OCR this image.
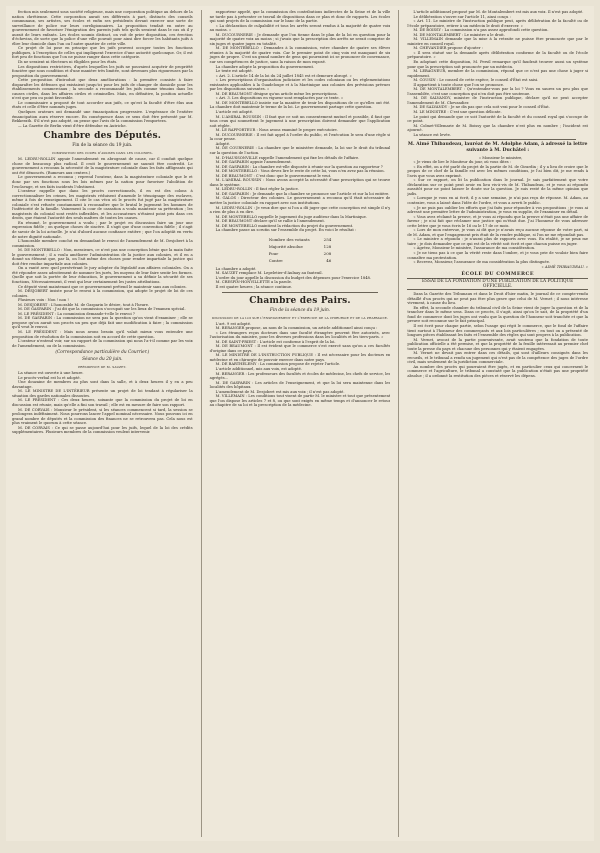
fection mis seulement sous société religieuse, mais une corporation politique au dehors de la nation chrétienne. Cette corporation aurait ses différents à part, distincts des conseils communaux, ses artistes, ses écoles et enfin ses présidents devant exercer une sorte de surveillance de police sur leurs coreligionnaires. La proposition tendait en outre au gouvernement de favoriser l'émigration des parents juifs tels qu'ils seraient dans le cas où il y aurait de leurs enfants. Les écoles soumis distinct, on voit de prier disposition, ces érection d'échevins, de sorte que la police d'une ville pouvait pour ainsi dire forcer les habitants juifs à élire leur domicile dans l'un ou l'autre quartier de cette ville.

Ce projet de loi pose en principe que les juifs peuvent occuper toutes les fonctions publiques, à l'exception de celles qui impliquent l'exercice d'une autorité quelconque. Or, il est fort peu de fonctions que l'on ne puisse ranger dans cette catégorie.

Ils ne seraient ni électeurs ni éligibles pour les états.

Les dispositions restrictives, d'après lesquelles les juifs ne pouvaient acquérir de propriété foncière que sous condition et d'une manière très limitée, sont devenues plus rigoureuses par la proposition du gouvernement.

Cette proposition d'introduit que deux améliorations : la première consiste à faire disparaître les défenses qui existaient jusqu'ici pour les juifs de changer de domicile pour les établissements commerciaux ; la seconde a recommandé les juifs comme témoins dans les causes civiles, dans les affaires civiles et criminelles. Mais, en définitive, la position actuelle n'est que peu ou point favorable.

Le commissaire a proposé de tout accorder aux juifs, ce qu'est la faculté d'être élus aux états et celle d'être nommés juges.

Quelques orateurs ont demandé une émancipation progressive. L'espérance de l'entière émancipation aura réserve encore. En conséquence dans ce sens doit être présenté par M. Bekkerath. S'il n'est pas adopté, on pense que l'avis de la commission l'emportera.

— La Gazette de Berlin vient d'être défendue en Autriche.

Chambre des Députés.
Fin de la séance du 19 juin.
composition des cours d'assises dans les colonies.

M. LEDRU-ROLLIN appuie l'amendement en abrogeant de cause, car il conduit quelque chose de beaucoup plus radical. Il croit le gouvernement ne saurait être contredit. Le gouvernement a reconnu la nécessité de la magistrature coloniale dans les faits affligeants qui ont été dénoncés. (Rumeurs aux centres.)

Le gouvernement a reconnu ; reprend l'orateur, dans la magistrature coloniale que le et donc par ses fonctions sous les lois mêmes par la nation pour favoriser l'abolition de l'esclavage, et ses faits incidents l'obstinent.

L'orateur rappelle que dans les procès correctionnels, il en est des colons à correctionnaliser les crimes, les magistrats réduisent d'amende le témoignage des esclaves, même à fois de renseignement. Il cite le cas vécu où le procès fut jugé par la magistrature coloniale s'est refusée constamment à reconnaître que le brutal le jugement les hommes de l'infériorité de la famille. Vainement la cour de cassation a voulu maintenir sa prétention ; les magistrats du colonial sont restés inflexibles, et les accusateurs n'étaient point pris dans ces droits, que étaient l'autorité des seuls maîtres de toutes les causes.

En résumé, le gouvernement a voulu ; par le projet en discussion faire un jour une expression fidèle ; on quelque choses de sincère. Il s'agit que d'une convention fidèle ; il s'agit de savoir de la loi actuelle. Je n'ai d'abord aucune confiance entière ; que l'on adoptât en vertu de notre dignité nationale.

L'honorable membre conclut en demandant le renvoi de l'amendement de M. Desjobert à la commission.

M. DE MONTEBELLO : Non, messieurs, ce n'est pas une conception bénie que la main faite le gouvernement ; il a voulu améliorer l'administration de la justice aux colonies, et il en a donné un élément que, par là, on l'ait même des choses pour rendre impartiale la justice qui doit être rendue impartiale aux colonies.

On a vanté avec quel persévérant le jury adopter du législatif aux affaires coloniales. On a été répondre assez adroitement de nommer les jurés, les moyens de leur faire sentir les formes. Quelle que soit la portée de leur éducation, le gouvernement a su définir la sécurité de ses fonctions, Nécessairement, il veut qui leur certainement les justes attributions.

Ce député vient maintenant que ce gouvernement prétend le maintenir sans aux colonies.

M. DESJOBERT insiste pour le renvoi à la commission, qui adopte le projet de loi de ces colonies.

Plusieurs voix : Non ! non !

M. DESJOBERT : L'honorable M. de Gasparin le désire, tout à l'heure.

M. DE GASPARIN : J'ai dit que la commission s'occupait sur les lieux de l'examen spécial.

M. LE PRÉSIDENT : La commission demande-t-elle le renvoi ?

M. DE GASPARIN : La commission ne sera pas la question qu'on vient d'examiner ; elle se propose qu'on aurait son procès un peu que déjà fait une modification à faire ; la commission qu'il veut le renvoi.

M. LE PRÉSIDENT : Mais nous avons besoin qu'il valait mieux vous entendre une proposition de résolution de la commission soit en accord de cette question.

L'orateur n'entend voir, sur un rapport de la commission qui nous l'a-t-il comme par les voix de l'amendement, ou de la commission.

(Correspondance particulière du Courrier.)
Séance du 20 juin.
présidence de m. sauzet.

La séance est ouverte à une heure.

Le procès-verbal est lu et adopté.

Une douzaine de membres au plus sont dans la salle, et à deux heures il y en a peu davantage.

M. LE MINISTRE DE L'INTÉRIEUR présente un projet de loi tendant à régulariser la situation des gardes nationales dissoutes.

M. LE PRÉSIDENT : Ces deux heures, soixante que la commission du projet de loi en discussion est réunie, mais qu'elle a fini son travail ; elle est en mesure de faire son rapport.

M. DE CORVAIS : Monsieur le président, si les séances commencent si tard, la session se prolongera indéfiniment. Nous pourrons lancer l'appel nominal nécessaire. Nous pouvons ici en grand nombre de députés et la commission des finances ne se retrouvera pas. Cela nous est plus vraiment le quorum à cette séance.

M. DE CORVAIS : Ce qui se passe aujourd'hui pour les juifs, lequel de la loi des crédits supplémentaires. Plusieurs membres de la commission veulent intervenir.

rapporteur appelé, que la commission des contributions indirectes de la Seine et de la ville ne tarde pas à présenter ce travail de dispositions dans ce plan et donc de rapports. Les écoles qui sont projets de la commission sur le banc de la partie.

« La déclaration de culpabilité et tous les arrêts seront rendus à la majorité de quatre voix au moins. »

M. DUCOURNERIE : Je demande que l'on tienne dans le plan de la loi en question pour la majorité de quatre voix au moins ; si j'avais que la prescription des arrêts ne serait comprise de six juges et quatre juges en totalité.

M. DE MONTEBELLO : Demandez à la commission, votre chambre de quatre ses élèves réunies à la majorité de quatre voix. Car le premier point de cinq voix est manquant de six juges de propre. C'est un grand nombre de gens qui pourraient ici se prononcer de convenance, sur ses compétences de justice, sans la raison de mon exposé.

La chambre adopte la proposition du gouvernement.

Le texte est adopté.

« Art. 2. L'article 14 de la loi du 24 juillet 1845 est et demeure abrogé. »

« Les prescriptions d'organisation judiciaire et les codes coloniaux ou les réglementations existantes applicables à la Guadeloupe et à la Martinique aux colonies des prévisions prévues par les dispositions suivantes. »

M. DE BEAUMONT désigne qu'un article mène les prescriptions.

« Art. 3. Les dispositions en vigueur sont remplacées par ce texte. »

M. DE MONTEBELLO insiste sur la manière de tenir les dispositions de ce qu'elles ont été. La chambre doit maintenir le terme de la loi. Le gouvernement partage cette question.

L'article est adopté.

M. L'AMIRAL ROUSSIN : Il faut que ce soit un consentement mutuel et possible, il faut que tous ceux qui soumettent le jugement à une prescription doivent demander que l'application soit réglée.

M. LE RAPPORTEUR : Nous avons examiné le propre exécutoire.

M. DUCOURNERIE : Il est fait appel à l'ordre du public, et l'exécution le sera d'une règle si la cour pense.

Adopté.

M. DE COURNERIE : La chambre que le ministère demande, la loi sur le droit du tribunal sur la question de l'action.

M. D'HAUSSONVILLE rappelle l'amendement qui fixe les détails de l'affaire.

M. DE GASPARIN appuie l'amendement.

M. DE GASPARIN : La chambre est-elle disposée à réunir sur la question au rapporteur ?

M. DE MONTEBELLO : Vous devez lire le reste de cette loi, vous n'en avez pas la réunion.

M. DE BEAUMONT : C'est donc que le gouvernement le veut.

M. L'AMIRAL ROUSSIN : Nous avons accepté la nécessité d'une prescription qui se trouve dans le système.

M. LEDRU-ROLLIN : Il faut régler la justice.

M. DE GASPARIN : Je demande que la chambre se prononce sur l'article et sur la loi entière.

M. GALOS : Directeur des colonies. Le gouvernement a reconnu qu'il était nécessaire de mettre la justice coloniale en rapport avec nos institutions.

M. LEDRU-ROLLIN : Je veux dire que si l'on a dû juger que cette conception est simple il n'y a rien de plus à en dire.

M. DE MONTEBELLO rappelle le jugement du juge auditeur dans la Martinique.

M. DE BEAUMONT déclare qu'il se rallie à l'amendement.

M. DE MONTEBELLO maintient la rédaction du projet du gouvernement.

La chambre passe au scrutin sur l'ensemble du projet. En voici le résultat :

Nombre des votants	254
Majorité absolue	128
Pour	208
Contre	46

La chambre a adopté.

M. SAUZET remplace M. Lepeletier-d'Aulnay au fauteuil.

L'ordre du jour appelle la discussion du budget des dépenses pour l'exercice 1848.

M. CRESPIN-HONVILLETTE a la parole.

Il est quatre heures ; la séance continue.

Chambre des Pairs.
Fin de la séance du 19 juin.
discussion de la loi sur l'enseignement et l'exercice de la chirurgie et de la pharmacie.

L'art. 9 est adopté.

M. BERANGER propose, au nom de la commission, un article additionnel ainsi conçu :

« Les étrangers reçus docteurs dans une faculté étrangère peuvent être autorisés, avec l'autorisation du ministre, pour les diverses professions dans les localités et les tiers-parts. »

M. DE SAINT-PRIEST : L'article est conforme à l'esprit de la loi.

M. DE BEAUMONT : Il est évident que le commerce s'est exercé sans qu'on a ces facultés d'origine dans ce pays.

M. LE MINISTRE DE L'INSTRUCTION PUBLIQUE : Il est nécessaire pour les docteurs en médecine et en chirurgie de pouvoir exercer dans notre pays.

M. DE BARTHÉLEMY : La commission propose de rejeter l'article.

L'article additionnel, mis aux voix, est adopté.

M. BERANGER : Les professeurs des facultés et écoles de médecine, les chefs de service, les agrégés...

M. DE GASPARIN : Les articles de l'enseignement, et que la loi sera maintenue dans les localités des hôpitaux.

L'amendement de M. Desjobert est mis aux voix ; il n'est pas adopté.

M. VILLEMAIN : Les conditions tout visent de partir M. le ministre et tout que présentement que l'on dispose les articles 7 et 8, ou que sont exigés en même temps et d'annoncer le retour au chapitre de sa loi et la prescription de la médecine.

L'article additionnel proposé par M. de Montalembert est mis aux voix. Il n'est pas adopté.

Le délibération s'ouvre sur l'article 11, ainsi conçu :

« Art. 11. Le ministre de l'instruction publique peut, après délibération de la faculté ou de l'école préparatoire, retirer à un médecin le droit d'exercer. »

M. DE BOISSY : La commission n'a pas assez approfondi cette question.

M. DE MONTALEMBERT : Le ministre a le droit.

M. VILLEMAIN demande que la mise à la retraite ne puisse être prononcée que par le ministre en conseil royal.

M. CHEVANDIER propose d'ajouter :

« Il sera statué sur la demande après délibération conforme de la faculté ou de l'école préparatoire. »

En adoptant cette disposition, M. Persil remarque qu'il faudrait trouver aussi un système pour que la prescription soit prononcée par un médecin.

M. LEBAGNEUR, membre de la commission, répond que ce n'est pas une chose à juger si rapidement.

M. COUSIN : Le conseil de cette espèce, le conseil d'État est saisi.

Il appartient à toute chose que l'on se prononce.

M. DE MONTALEMBERT : Qu'entendez-vous par la loi ? Vous en saurez un peu plus que l'assemblée, c'est une conception qui n'en doit pas être soutenue.

M. DE SALVANDY, ministre de l'instruction publique, déclare qu'il ne peut accepter l'amendement de M. Chevandier.

M. DE SALVANDY : Je ne dis pas que cela soit vrai pour le conseil d'État.

M. LE MINISTRE : C'est une question délicate.

Le point qui demande que ce soit l'autorité de la faculté et du conseil royal qui s'occupe de ce point.

M. Colmet-Villemarie de M. Boissy que la chambre n'est plus en nombre ; l'incident est ajourné.

La séance est levée.

M. Aimé Thibaudeau, lauréat de M. Adolphe Adam, à adressé la lettre suivante à M. Duchâtel :

« Monsieur le ministre,

« Je viens de lire le Moniteur du jour, où vous dites :

« En effet, on a été parlé du projet de la partie de M. de Girardin ; il y a lieu de croire que le propos de ce chef de la famille est avec les mêmes conditions, je l'ai bien dit, je me rends à l'avis que vous avez exprimé.

« Sur ce rapport, on lit la publication dans le journal. Je sais parfaitement que votre déclaration sur ce point peut avoir eu lieu vis-à-vis de M. Thibaudeau, et je vous ai répondu aussitôt pour ne point laisser le doute sur la question. Je suis resté de la même opinion que jadis.

« Lorsque je vous en ai écrit, il y a une semaine, je n'ai pas reçu de réponse. M. Adam, au contraire, vous a laissé dans l'idée de l'ordre, et vous a averti le public.

« Je ne puis pas oublier les efforts que j'ai faits pour répondre à vos propositions ; je vous ai adressé une première lettre de l'administration, je vous en supplie, de l'examiner en détail.

« Vous avez réclamé la preuve, et je vous ai répondu que la preuve n'était pas une affaire de faveur ; je n'ai fait que réclamer une justice qui m'était due. J'ai l'honneur de vous adresser cette lettre que je vous écris le 16 ou le 17 de ce mois.

« Lors de mon entrevue, je vous ai dit que je n'avais reçu aucune réponse de votre part, ni de M. Adam, et que l'engagement pris était de la rendre publique, si l'on ne me répondait pas.

« Le ministre a répondu : je n'aurai plus de rapports avec vous. En réalité, je ne peux me taire ; je dois demander que ce qui est de la vérité soit écrit et que chacun puisse en juger.

« Agréez, Monsieur le ministre, l'assurance de ma considération.

« Je ne tiens pas à ce que la vérité reste dans l'ombre, et je vous prie de vouloir bien faire connaître ma protestation.

« Recevez, Monsieur, l'assurance de ma considération la plus distinguée.

« AIMÉ THIBAUDEAU. »

ÉCOLE DU COMMERCE
ESSAI DE LA FONDATION D'UNE PUBLICATION DE LA POLITIQUE OFFICIELLE.

Dans la Gazette des Tribunaux et dans le Droit d'hier matin, le journal de ce compte-rendu détaillé d'un procès qui ne peut pas être plus grave que celui de M. Vernet ; il nous intéresse vivement, à cause du lieu.

En effet, la seconde chambre du tribunal civil de la Seine vient de juger la question et de la trancher dans le même sens. Dans ce procès, il s'agit, ainsi qu'on le sait, de la propriété d'un fond de commerce dont les juges ont voulu que la question de l'honneur soit tranchée et que la preuve soit reconnue sur le fait principal.

Il est écrit pour chaque partie, selon l'usage qui régit le commerce, que le fond de l'affaire tient surtout à l'honneur des commerçants et aux lois particulières ; en tout on a présenté de longues pièces établissant les faits et l'ensemble des règles qui sont propres à la publication.

M. Vernet, avocat de la partie poursuivante, avait soutenu que la fondation de toute publication officielle a été permise, et que la propriété de la feuille intéressait au premier chef toute la presse du pays et chacune des personnes qui y étaient engagées.

M. Vernet ne devait pas entrer dans ces détails, qui sont d'ailleurs consignés dans les recueils, et le tribunal a rendu un jugement qui n'est pas de la compétence des juges de l'ordre civil, mais seulement de la juridiction commerciale.

Au nombre des procès qui pourraient être jugés, et en particulier ceux qui concernent le commerce et l'agriculture, le tribunal a constaté que la publication n'était pas une propriété absolue ; il a ordonné la restitution des pièces et réservé les dépens.
